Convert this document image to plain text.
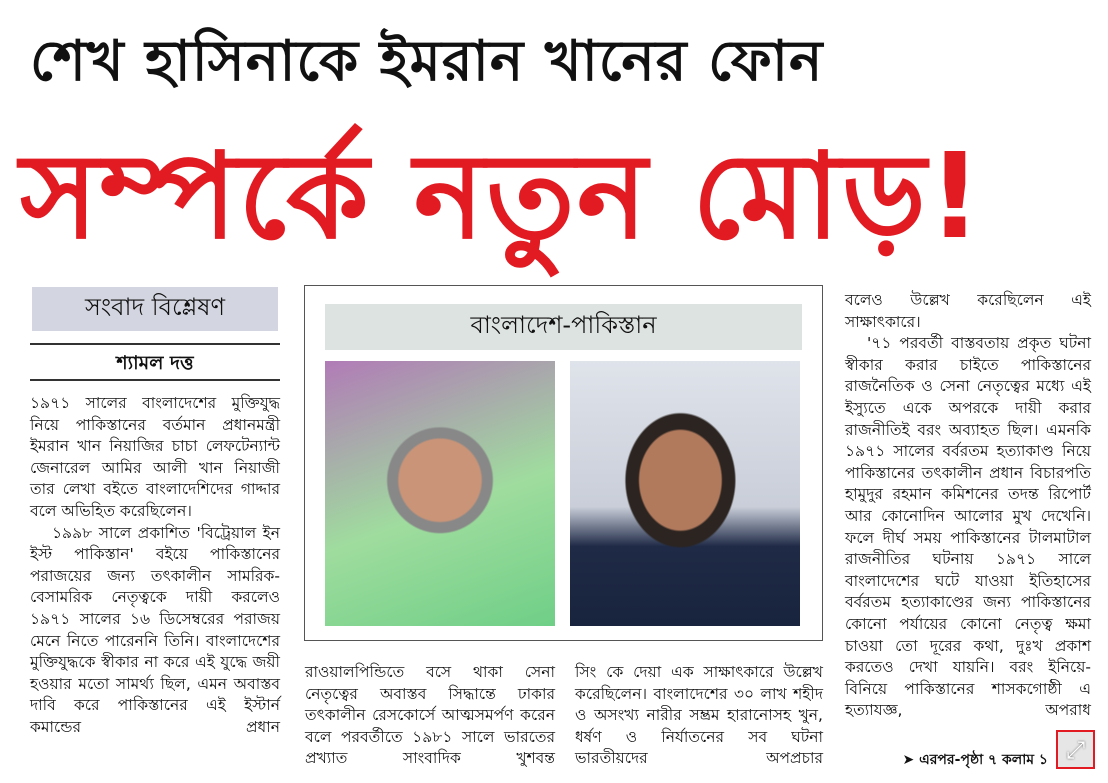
শেখ হাসিনাকে ইমরান খানের ফোন
সম্পর্কে নতুন মোড়!
সংবাদ বিশ্লেষণ
শ্যামল দত্ত

১৯৭১ সালের বাংলাদেশের মুক্তিযুদ্ধ নিয়ে পাকিস্তানের বর্তমান প্রধানমন্ত্রী ইমরান খান নিয়াজির চাচা লেফটেন্যান্ট জেনারেল আমির আলী খান নিয়াজী তার লেখা বইতে বাংলাদেশিদের গাদ্দার বলে অভিহিত করেছিলেন।

১৯৯৮ সালে প্রকাশিত 'বিট্রেয়াল ইন ইস্ট পাকিস্তান' বইয়ে পাকিস্তানের পরাজয়ের জন্য তৎকালীন সামরিক-বেসামরিক নেতৃত্বকে দায়ী করলেও ১৯৭১ সালের ১৬ ডিসেম্বরের পরাজয় মেনে নিতে পারেননি তিনি। বাংলাদেশের মুক্তিযুদ্ধকে স্বীকার না করে এই যুদ্ধে জয়ী হওয়ার মতো সামর্থ্য ছিল, এমন অবাস্তব দাবি করে পাকিস্তানের এই ইস্টার্ন কমান্ডের প্রধান

বাংলাদেশ-পাকিস্তান

রাওয়ালপিন্ডিতে বসে থাকা সেনা নেতৃত্বের অবাস্তব সিদ্ধান্তে ঢাকার তৎকালীন রেসকোর্সে আত্মসমর্পণ করেন বলে পরবর্তীতে ১৯৮১ সালে ভারতের প্রখ্যাত সাংবাদিক খুশবন্ত

সিং কে দেয়া এক সাক্ষাৎকারে উল্লেখ করেছিলেন। বাংলাদেশের ৩০ লাখ শহীদ ও অসংখ্য নারীর সম্ভ্রম হারানোসহ খুন, ধর্ষণ ও নির্যাতনের সব ঘটনা ভারতীয়দের অপপ্রচার

বলেও উল্লেখ করেছিলেন এই সাক্ষাৎকারে।

'৭১ পরবর্তী বাস্তবতায় প্রকৃত ঘটনা স্বীকার করার চাইতে পাকিস্তানের রাজনৈতিক ও সেনা নেতৃত্বের মধ্যে এই ইস্যুতে একে অপরকে দায়ী করার রাজনীতিই বরং অব্যাহত ছিল। এমনকি ১৯৭১ সালের বর্বরতম হত্যাকাণ্ড নিয়ে পাকিস্তানের তৎকালীন প্রধান বিচারপতি হামুদুর রহমান কমিশনের তদন্ত রিপোর্ট আর কোনোদিন আলোর মুখ দেখেনি। ফলে দীর্ঘ সময় পাকিস্তানের টালমাটাল রাজনীতির ঘটনায় ১৯৭১ সালে বাংলাদেশের ঘটে যাওয়া ইতিহাসের বর্বরতম হত্যাকাণ্ডের জন্য পাকিস্তানের কোনো পর্যায়ের কোনো নেতৃত্ব ক্ষমা চাওয়া তো দূরের কথা, দুঃখ প্রকাশ করতেও দেখা যায়নি। বরং ইনিয়ে-বিনিয়ে পাকিস্তানের শাসকগোষ্ঠী এ হত্যাযজ্ঞ, অপরাধ

➤ এরপর-পৃষ্ঠা ৭ কলাম ১ ⤢
